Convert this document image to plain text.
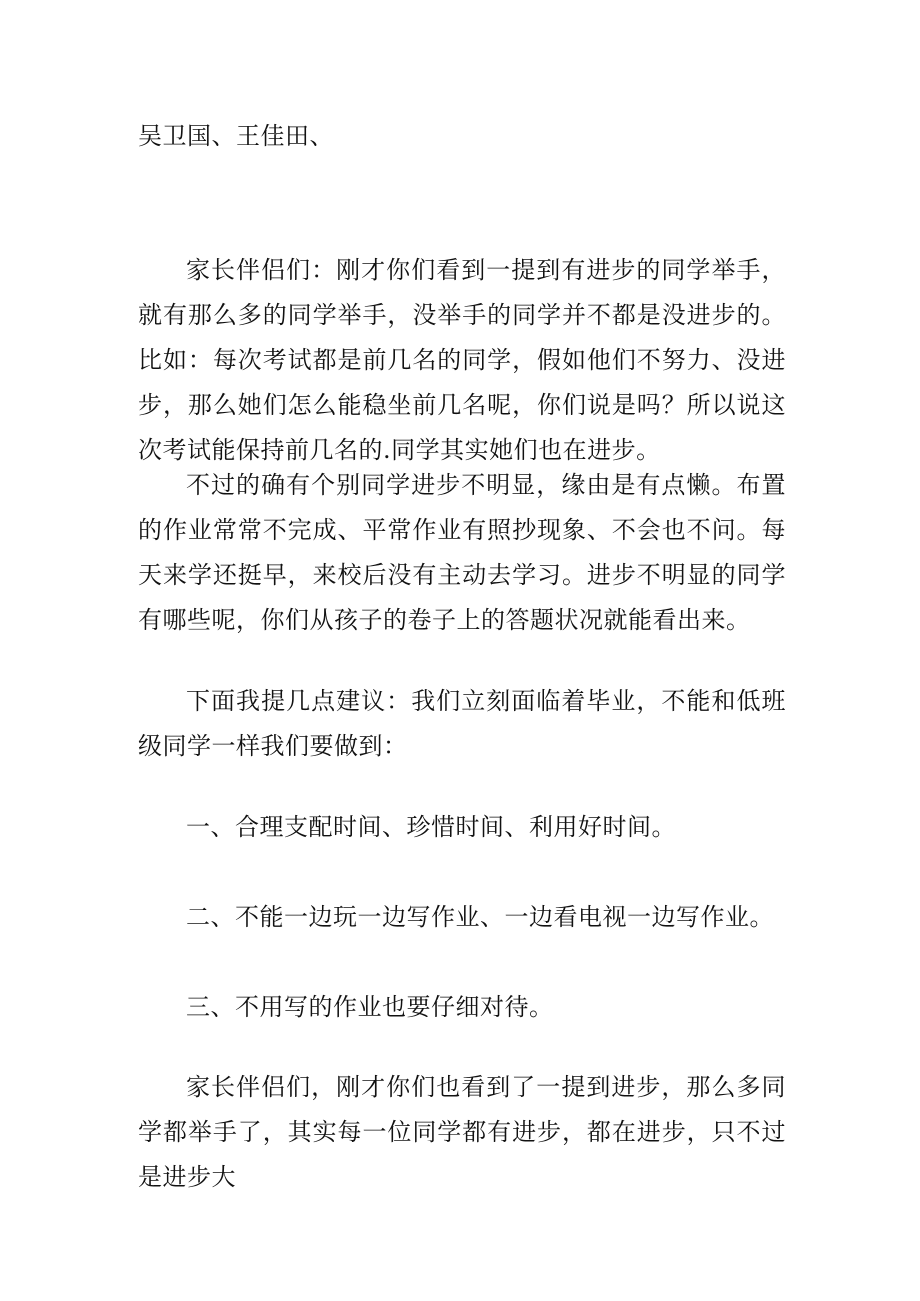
吴卫国、王佳田、

家长伴侣们：刚才你们看到一提到有进步的同学举手，就有那么多的同学举手，没举手的同学并不都是没进步的。比如：每次考试都是前几名的同学，假如他们不努力、没进步，那么她们怎么能稳坐前几名呢，你们说是吗？所以说这次考试能保持前几名的.同学其实她们也在进步。

不过的确有个别同学进步不明显，缘由是有点懒。布置的作业常常不完成、平常作业有照抄现象、不会也不问。每天来学还挺早，来校后没有主动去学习。进步不明显的同学有哪些呢，你们从孩子的卷子上的答题状况就能看出来。

下面我提几点建议：我们立刻面临着毕业，不能和低班级同学一样我们要做到：

一、合理支配时间、珍惜时间、利用好时间。

二、不能一边玩一边写作业、一边看电视一边写作业。

三、不用写的作业也要仔细对待。

家长伴侣们，刚才你们也看到了一提到进步，那么多同学都举手了，其实每一位同学都有进步，都在进步，只不过是进步大
